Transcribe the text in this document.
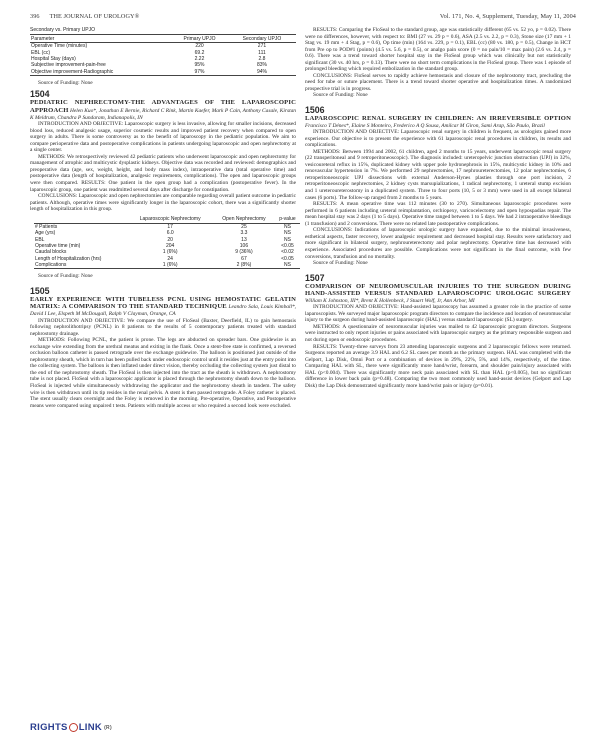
396 THE JOURNAL OF UROLOGY®	Vol. 171, No. 4, Supplement, Tuesday, May 11, 2004
Secondary vs. Primary UPJO
Parameter	Primary UPJO	Secondary UPJO
Operative Time (minutes)	220	271
EBL (cc)	69.2	111
Hospital Stay (days)	2.22	2.8
Subjective improvement-pain-free	95%	83%
Objective improvement-Radiographic	97%	94%

Source of Funding: None

1504

PEDIATRIC NEPHRECTOMY-THE ADVANTAGES OF THE LAPAROSCOPIC APPROACH Helen Kuo*, Jonathan E Bernie, Richard C Rink, Martin Kaefer, Mark P Cain, Anthony Casale, Kirstan K Meldrum, Chandra P Sundaram, Indianapolis, IN

INTRODUCTION AND OBJECTIVE: Laparoscopic surgery is less invasive, allowing for smaller incisions, decreased blood loss, reduced analgesic usage, superior cosmetic results and improved patient recovery when compared to open surgery in adults. There is some controversy as to the benefit of laparoscopy in the pediatric population. We aim to compare perioperative data and postoperative complications in patients undergoing laparoscopic and open nephrectomy at a single center.

METHODS: We retrospectively reviewed 42 pediatric patients who underwent laparoscopic and open nephrectomy for management of atrophic and multicystic dysplastic kidneys. Objective data was recorded and reviewed: demographics and preoperative data (age, sex, weight, height, and body mass index), intraoperative data (total operative time) and postoperative data (length of hospitalization, analgesic requirements, complications). The open and laparoscopic groups were then compared. RESULTS: One patient in the open group had a complication (postoperative fever). In the laparoscopic group, one patient was readmitted several days after discharge for constipation.

CONCLUSIONS: Laparoscopic and open nephrectomies are comparable regarding overall patient outcome in pediatric patients. Although, operative times were significantly longer in the laparoscopic cohort, there was a significantly shorter length of hospitalization in this group.

	Laparoscopic Nephrectomy	Open Nephrectomy	p-value
# Patients	17	25	NS
Age (yrs)	6.0	3.3	NS
EBL	20	13	NS
Operative time (min)	204	106	<0.05
Caudal blocks	1 (6%)	9 (36%)	<0.02
Length of Hospitalization (hrs)	24	67	<0.05
Complications	1 (6%)	2 (8%)	NS

Source of Funding: None

1505

EARLY EXPERIENCE WITH TUBELESS PCNL USING HEMOSTATIC GELATIN MATRIX: A COMPARISON TO THE STANDARD TECHNIQUE Leandro Sala, Louis Kimball*, David I Lee, Elspeth M McDougall, Ralph V Clayman, Orange, CA

INTRODUCTION AND OBJECTIVE: We compare the use of FloSeal (Baxter, Deerfield, IL) to gain hemostasis following nephrolithotripsy (PCNL) in 8 patients to the results of 5 contemporary patients treated with standard nephrostomy drainage.

METHODS: Following PCNL, the patient is prone. The legs are abducted on spreader bars. One guidewire is an exchange wire extending from the urethral meatus and exiting in the flank. Once a stent-free state is confirmed, a reversed occlusion balloon catheter is passed retrograde over the exchange guidewire. The balloon is positioned just outside of the nephrostomy sheath, which in turn has been pulled back under endoscopic control until it resides just at the entry point into the collecting system. The balloon is then inflated under direct vision, thereby occluding the collecting system just distal to the end of the nephrostomy sheath. The FloSeal is then injected into the tract as the sheath is withdrawn. A nephrostomy tube is not placed. FloSeal with a laparoscopic applicator is placed through the nephrostomy sheath down to the balloon. FloSeal is injected while simultaneously withdrawing the applicator and the nephrostomy sheath in tandem. The safety wire is then withdrawn until its tip resides in the renal pelvis. A stent is then passed retrograde. A Foley catheter is placed. The stent usually clears overnight and the Foley is removed in the morning. Pre-operative, Operative, and Postoperative means were compared using unpaired t tests. Patients with multiple access or who required a second look were excluded.

RESULTS: Comparing the FloSeal to the standard group, age was statistically different (65 vs. 52 yo, p = 0.02). There were no differences, however, with respect to: BMI (27 vs. 29 p = 0.6), ASA (2.5 vs. 2.2, p = 0.3), Stone size (17 mm + 1 Stag vs. 19 mm + 4 Stag, p = 0.6), Op time (min) (164 vs. 229, p = 0.1), EBL (cc) (80 vs. 180, p = 0.5), Change in HCT from Pre op to POD#1 (points) (4.5 vs. 5.6, p = 0.5), or analgo pain score (0 = no pain/10 = max pain) (2.6 vs. 2.4, p = 0.6). There was a trend toward shorter hospital stay in the FloSeal group which was clinically but not statistically significant (30 vs. 40 hrs, p = 0.13). There were no short term complications in the FloSeal group. There was 1 episode of prolonged bleeding which required embolization in the standard group.

CONCLUSIONS: FloSeal serves to rapidly achieve hemostasis and closure of the nephrostomy tract, precluding the need for tube or suture placement. There is a trend toward shorter operative and hospitalization times. A randomized prospective trial is in progress.

Source of Funding: None

1506

LAPAROSCOPIC RENAL SURGERY IN CHILDREN: AN IRREVERSIBLE OPTION Francisco T Dénes*, Elaine S Monteiro, Frederico A Q Sousa, Amilcar M Giron, Sami Arap, São Paulo, Brazil

INTRODUCTION AND OBJECTIVE: Laparoscopic renal surgery in children is frequent, as urologists gained more experience. Our objective is to present the experience with 61 laparoscopic renal procedures in children, its results and complications.

METHODS: Between 1994 and 2002, 61 children, aged 2 months to 15 years, underwent laparoscopic renal surgery (22 transperitoneal and 9 retroperitoneoscopic). The diagnosis included: ureteropelvic junction obstruction (UPJ) in 32%, vesicoureteral reflux in 15%, duplicated kidney with upper pole hydronephrosis in 15%, multicystic kidney in 10% and renovascular hypertension in 7%. We performed 29 nephrectomies, 17 nephroureterectomies, 12 polar nephrectomies, 6 retroperitoneoscopic UPJ dissections with external Anderson-Hynes plasties through one port incision, 2 retroperitoneoscopic nephrectomies, 2 kidney cysts marsupializations, 1 radical nephrectomy, 1 ureteral stump excision and 1 ureteroureterostomy in a duplicated system. Three to four ports (10, 5 or 3 mm) were used in all except bilateral cases (6 ports). The follow-up ranged from 2 months to 5 years.

RESULTS: A mean operative time was 112 minutes (30 to 270). Simultaneous laparoscopic procedures were performed in 6 patients including ureteral reimplantation, orchiopexy, varicocelectomy and open hypospadias repair. The mean hospital stay was 2 days (1 to 5 days). Operative time ranged between 1 to 5 days. We had 2 intraoperative bleedings (1 transfusion) and 2 conversions. There were no related late postoperative complications.

CONCLUSIONS: Indications of laparoscopic urologic surgery have expanded, due to the minimal invasiveness, esthetical aspects, faster recovery, lower analgesic requirement and decreased hospital stay. Results were satisfactory and more significant in bilateral surgery, nephroureterectomy and polar nephrectomy. Operative time has decreased with experience. Associated procedures are possible. Complications were not significant in the final outcome, with few conversions, transfusion and no mortality.

Source of Funding: None

1507

COMPARISON OF NEUROMUSCULAR INJURIES TO THE SURGEON DURING HAND-ASSISTED VERSUS STANDARD LAPAROSCOPIC UROLOGIC SURGERY William K Johnston, III*, Brent K Hollenbeck, J Stuart Wolf, Jr, Ann Arbor, MI

INTRODUCTION AND OBJECTIVE: Hand-assisted laparoscopy has assumed a greater role in the practice of some laparoscopists. We surveyed major laparoscopic program directors to compare the incidence and location of neuromuscular injury to the surgeon during hand-assisted laparoscopic (HAL) versus standard laparoscopic (SL) surgery.

METHODS: A questionnaire of neuromuscular injuries was mailed to 42 laparoscopic program directors. Surgeons were instructed to only report injuries or pains associated with laparoscopic surgery as the primary responsible surgeon and not during open or endoscopic procedures.

RESULTS: Twenty-three surveys from 23 attending laparoscopic surgeons and 2 laparoscopic fellows were returned. Surgeons reported an average 3.9 HAL and 6.2 SL cases per month as the primary surgeon. HAL was completed with the Gelport, Lap Disk, Omni Port or a combination of devices in 29%, 22%, 5%, and 14%, respectively, of the time. Comparing HAL with SL, there were significantly more hand/wrist, forearm, and shoulder pain/injury associated with HAL (p<0.004). There was significantly more neck pain associated with SL than HAL (p<0.005), but no significant difference in lower back pain (p=0.48). Comparing the two most commonly used hand-assist devices (Gelport and Lap Disk) the Lap Disk demonstrated significantly more hand/wrist pain or injury (p=0.01).

RIGHTS LINK (R)
